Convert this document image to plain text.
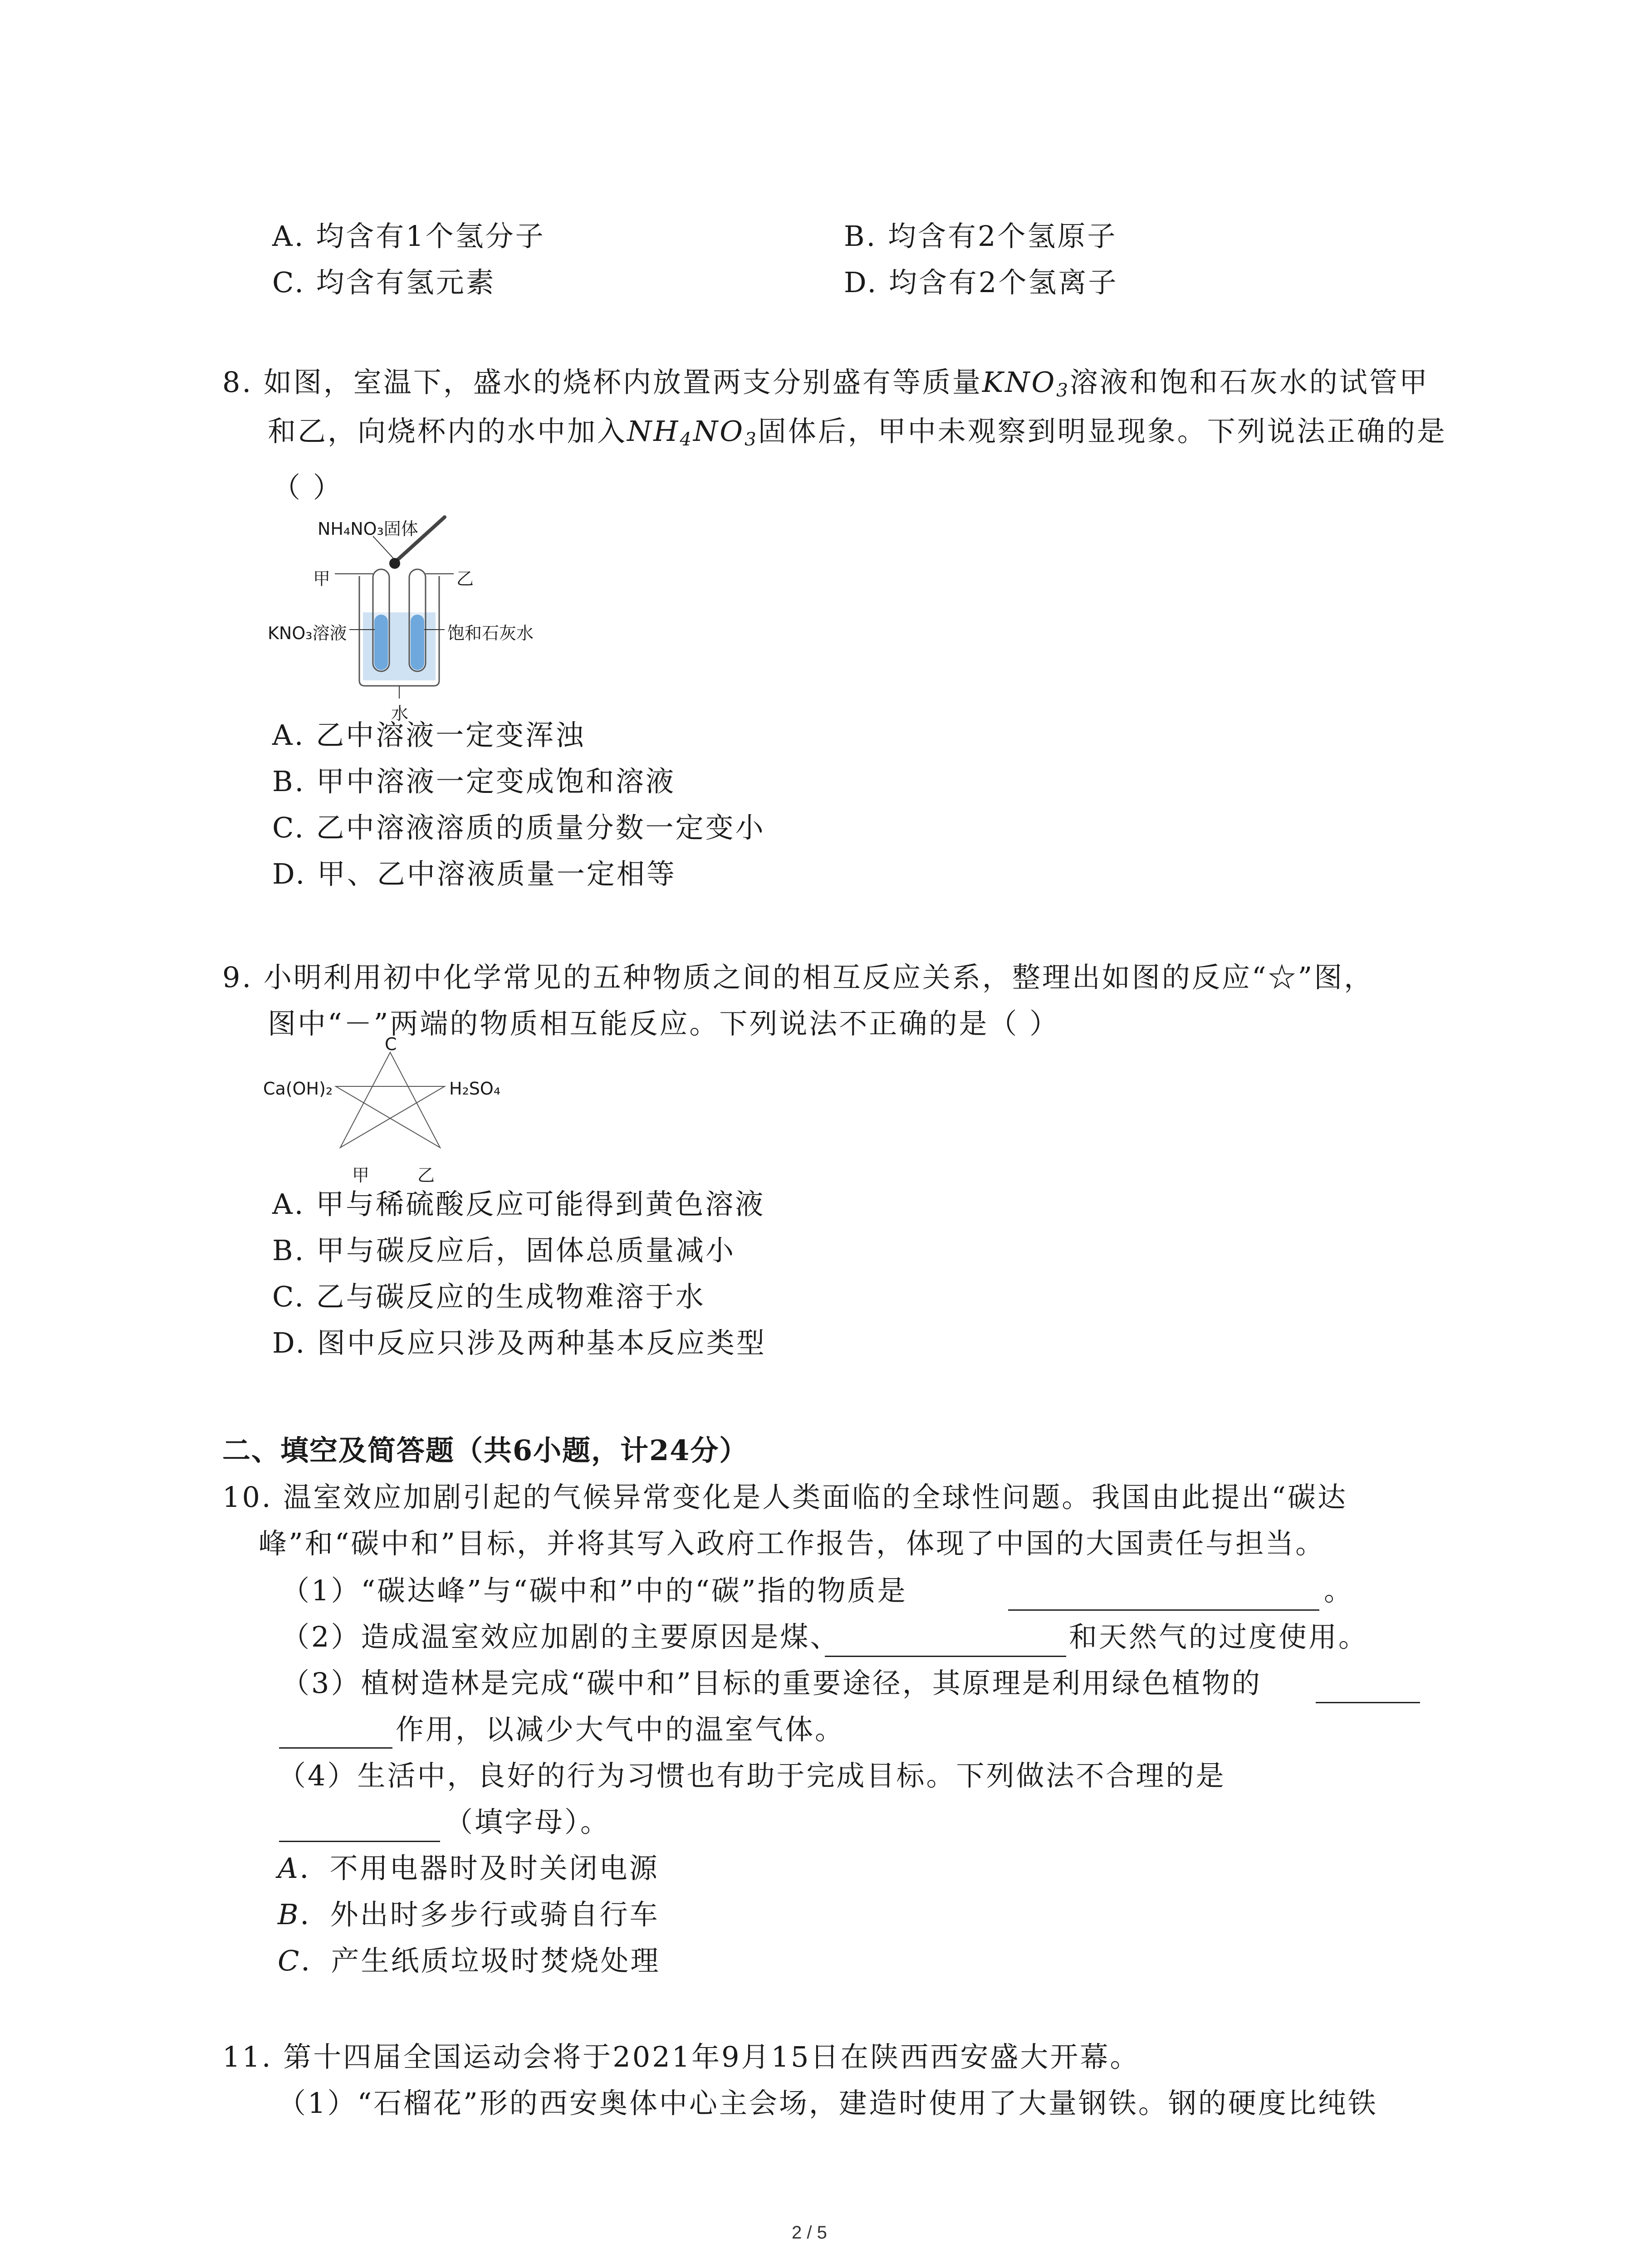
A. 均含有1个氢分子	B. 均含有2个氢原子
C. 均含有氢元素	D. 均含有2个氢离子
8. 如图，室温下，盛水的烧杯内放置两支分别盛有等质量$KNO_3$溶液和饱和石灰水的试管甲
和乙，向烧杯内的水中加入$NH_4NO_3$固体后，甲中未观察到明显现象。下列说法正确的是
（ ）
NH₄NO₃固体
甲	乙
KNO₃溶液	饱和石灰水
水
A. 乙中溶液一定变浑浊
B. 甲中溶液一定变成饱和溶液
C. 乙中溶液溶质的质量分数一定变小
D. 甲、乙中溶液质量一定相等
9. 小明利用初中化学常见的五种物质之间的相互反应关系，整理出如图的反应“☆”图，
图中“－”两端的物质相互能反应。下列说法不正确的是（ ）
C
Ca(OH)₂	H₂SO₄
甲	乙
A. 甲与稀硫酸反应可能得到黄色溶液
B. 甲与碳反应后，固体总质量减小
C. 乙与碳反应的生成物难溶于水
D. 图中反应只涉及两种基本反应类型
二、填空及简答题（共6小题，计24分）
10. 温室效应加剧引起的气候异常变化是人类面临的全球性问题。我国由此提出“碳达
峰”和“碳中和”目标，并将其写入政府工作报告，体现了中国的大国责任与担当。
（1）“碳达峰”与“碳中和”中的“碳”指的物质是	。
（2）造成温室效应加剧的主要原因是煤、	和天然气的过度使用。
（3）植树造林是完成“碳中和”目标的重要途径，其原理是利用绿色植物的
作用，以减少大气中的温室气体。
（4）生活中，良好的行为习惯也有助于完成目标。下列做法不合理的是
（填字母）。
A．不用电器时及时关闭电源
B．外出时多步行或骑自行车
C．产生纸质垃圾时焚烧处理
11. 第十四届全国运动会将于2021年9月15日在陕西西安盛大开幕。
（1）“石榴花”形的西安奥体中心主会场，建造时使用了大量钢铁。钢的硬度比纯铁
2 / 5
